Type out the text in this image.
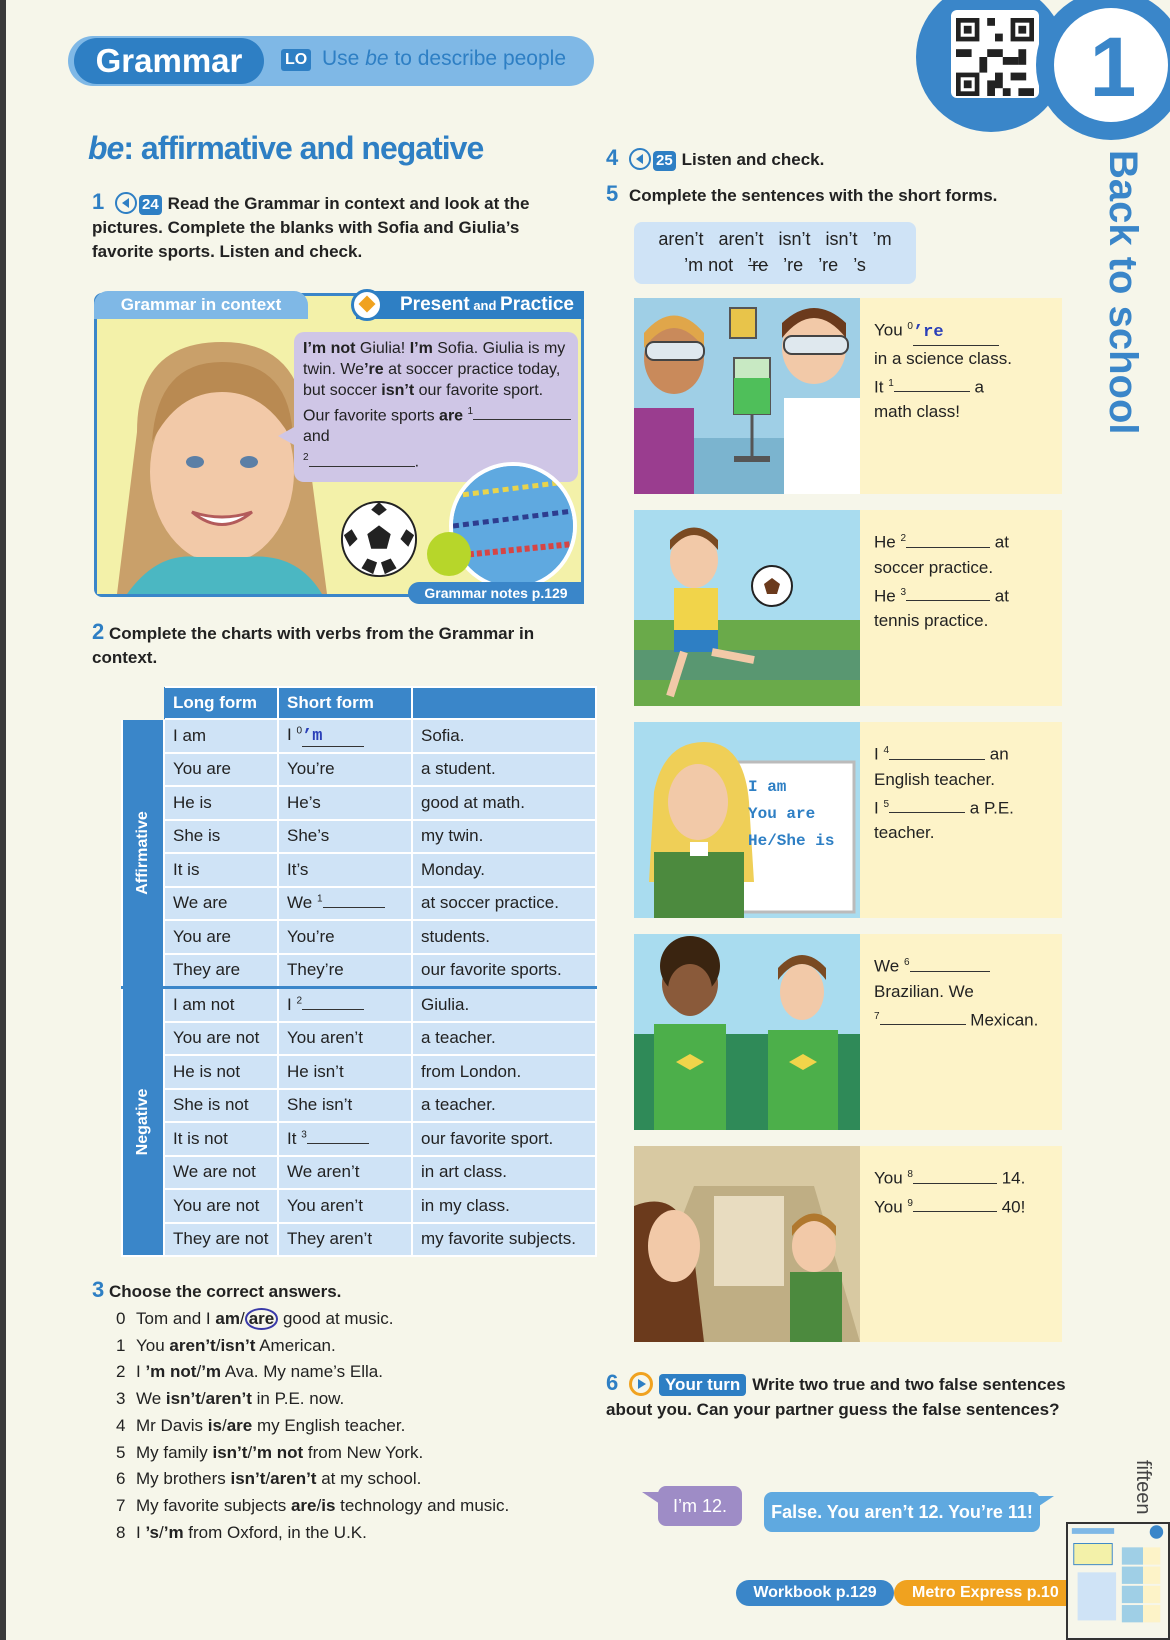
Grammar	LO Use be to describe people	1
Back to school
fifteen
be: affirmative and negative
1	24 Read the Grammar in context and look at the pictures. Complete the blanks with Sofia and Giulia’s favorite sports. Listen and check.
Grammar in context	Present and Practice
I’m not Giulia! I’m Sofia. Giulia is my twin. We’re at soccer practice today, but soccer isn’t our favorite sport. Our favorite sports are $^1$ and
$^2$	.
Grammar notes p.129
2 Complete the charts with verbs from the Grammar in context.
	Long form	Short form	

Affirmative	I am	I $^0$’m	Sofia.
	You are	You’re	a student.
	He is	He’s	good at math.
	She is	She’s	my twin.
	It is	It’s	Monday.
	We are	We $^1$	at soccer practice.
	You are	You’re	students.
	They are	They’re	our favorite sports.

Negative	I am not	I $^2$	Giulia.
	You are not	You aren’t	a teacher.
	He is not	He isn’t	from London.
	She is not	She isn’t	a teacher.
	It is not	It $^3$	our favorite sport.
	We are not	We aren’t	in art class.
	You are not	You aren’t	in my class.
	They are not	They aren’t	my favorite subjects.
3 Choose the correct answers.
0 Tom and I am/ are good at music.
1 You aren’t/isn’t American.
2 I ’m not/’m Ava. My name’s Ella.
3 We isn’t/aren’t in P.E. now.
4 Mr Davis is/are my English teacher.
5 My family isn’t/’m not from New York.
6 My brothers isn’t/aren’t at my school.
7 My favorite subjects are/is technology and music.
8 I ’s/’m from Oxford, in the U.K.
4	25 Listen and check.
5 Complete the sentences with the short forms.
aren’t aren’t isn’t isn’t ’m
’m not ’re ’re ’re ’s
You $^0$’re
in a science class.
It $^1$	a
math class!
He $^2$	at
soccer practice.
He $^3$	at
tennis practice.
I am
You are
He/She is
I $^4$	an
English teacher.
I $^5$	a P.E.
teacher.
We $^6$
Brazilian. We
$^7$	Mexican.
You $^8$	14.
You $^9$	40!
6	Your turn Write two true and two false sentences about you. Can your partner guess the false sentences?
I’m 12.	False. You aren’t 12. You’re 11!
Workbook p.129	Metro Express p.10
